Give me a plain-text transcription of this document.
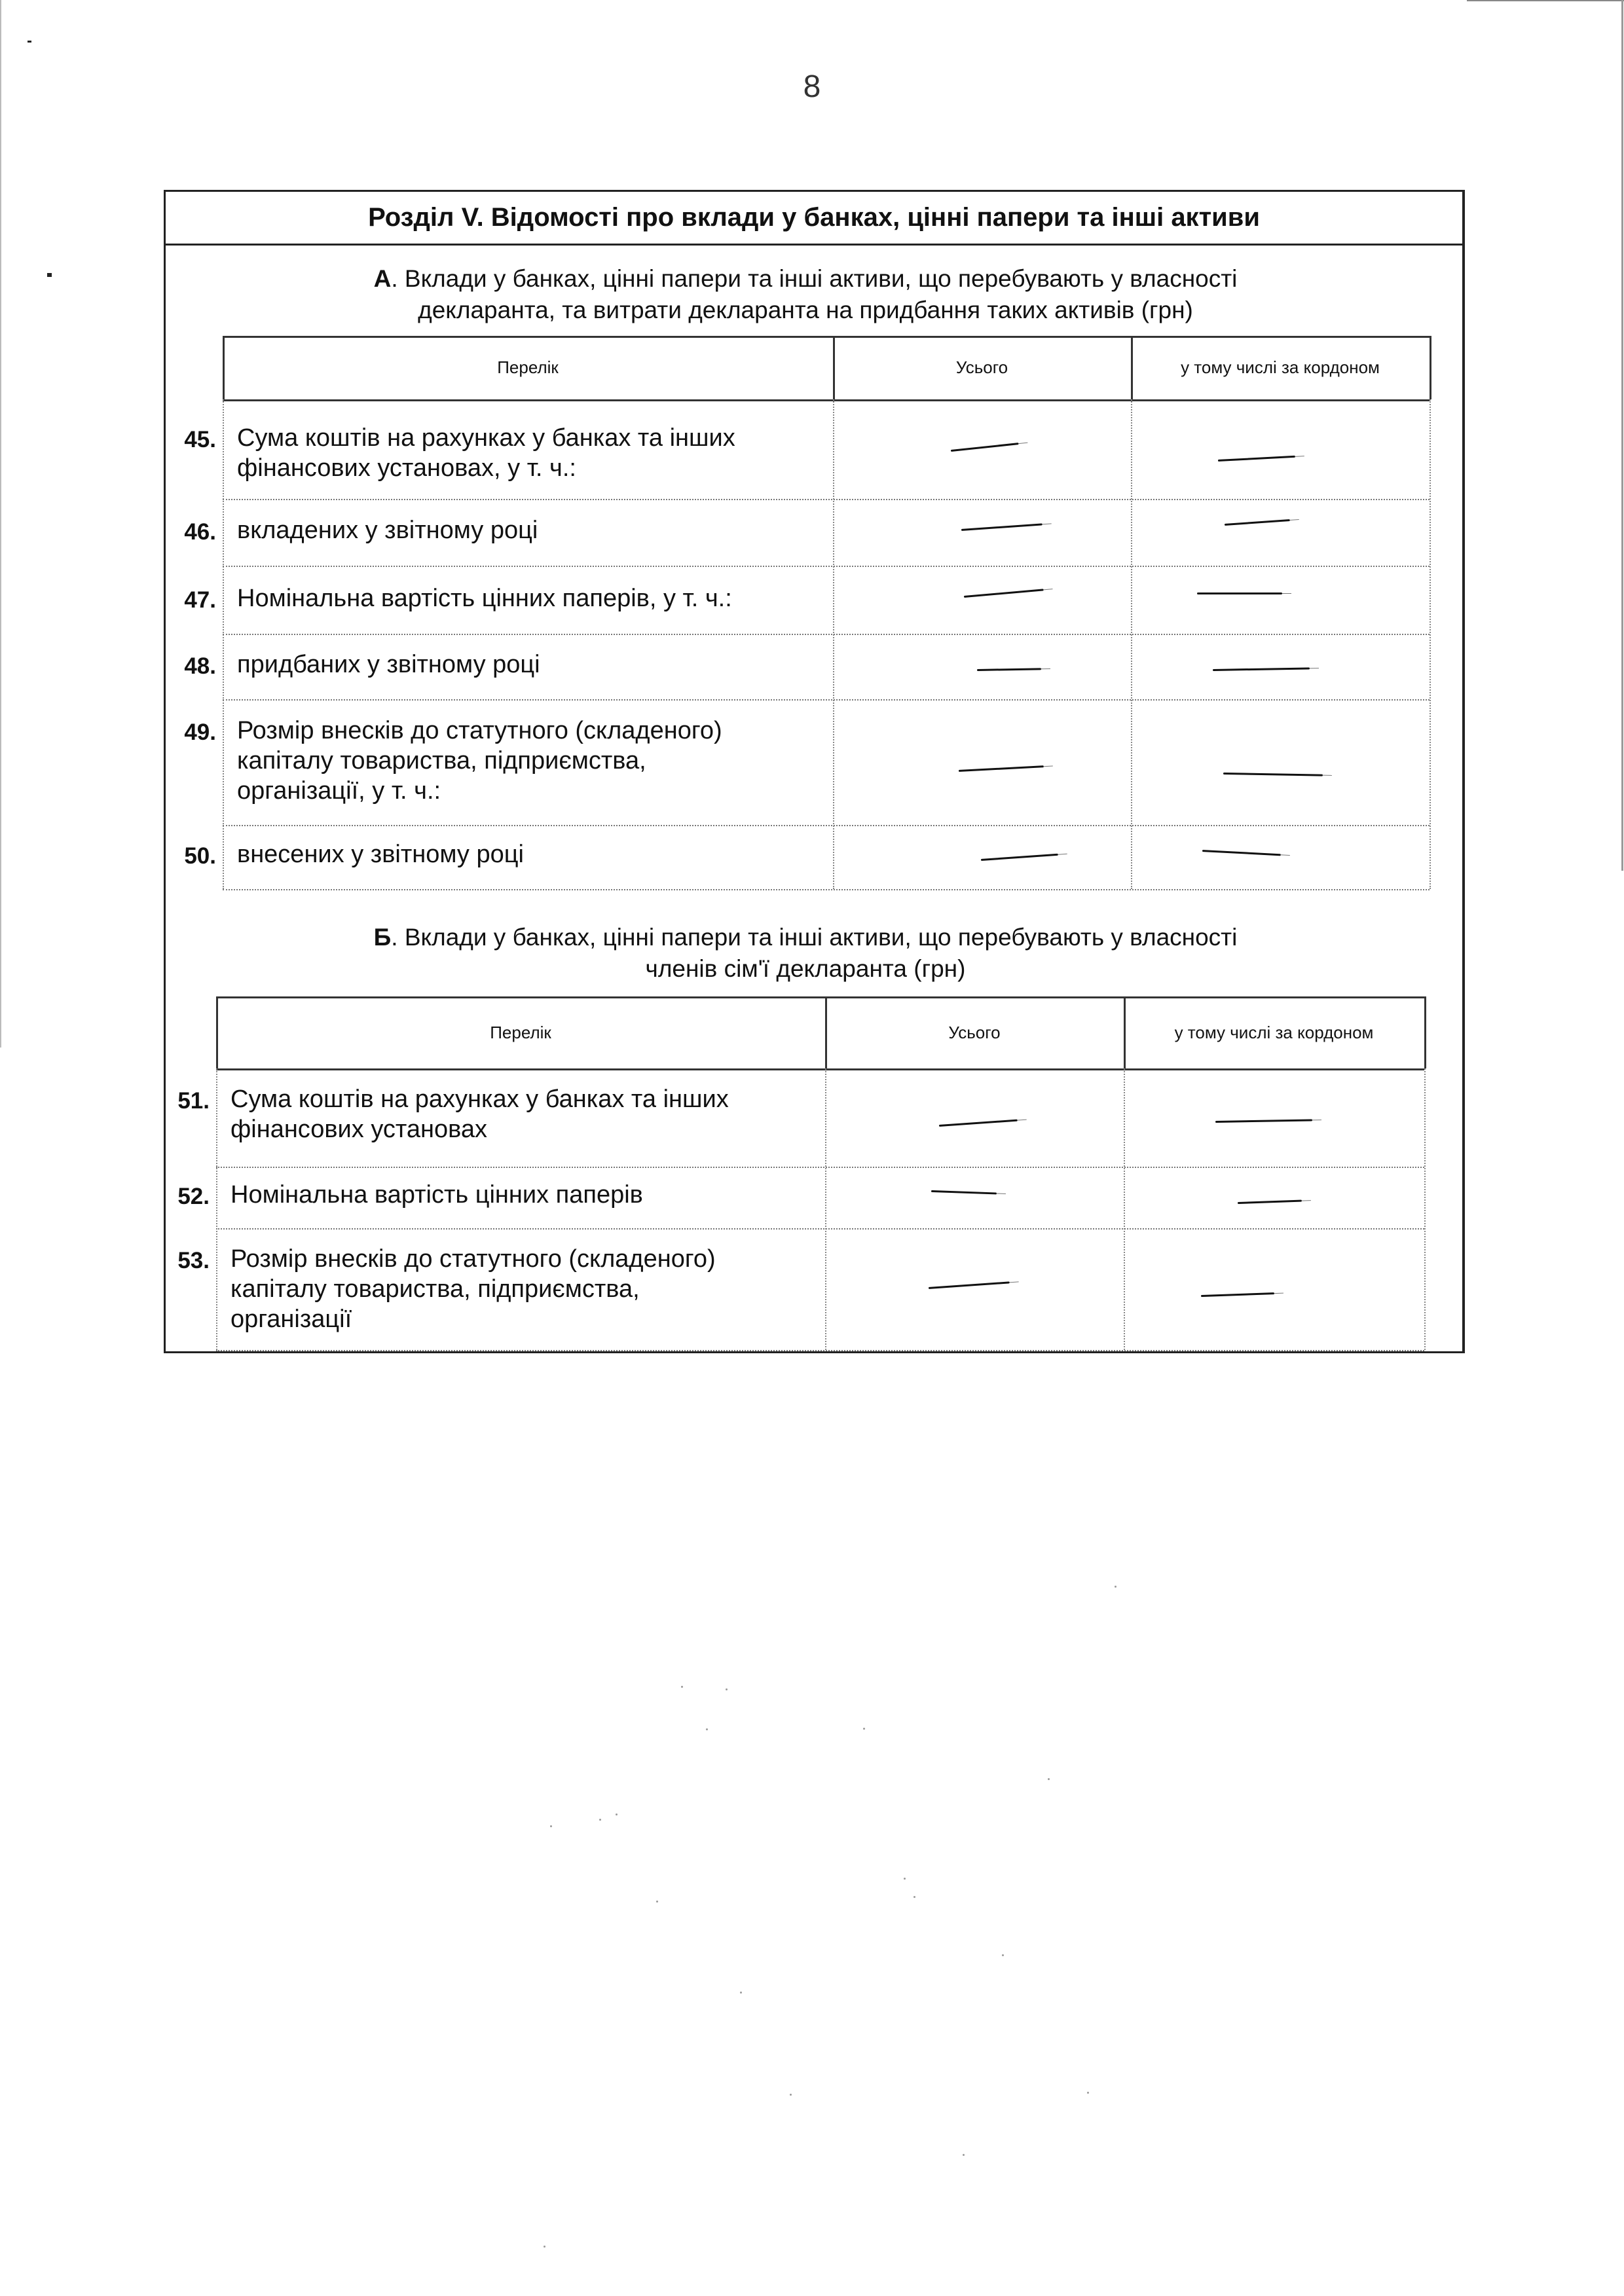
8
Розділ V. Відомості про вклади у банках, цінні папери та інші активи
А. Вклади у банках, цінні папери та інші активи, що перебувають у власності
декларанта, та витрати декларанта на придбання таких активів (грн)
Перелік	Усього	у тому числі за кордоном
45. Сума коштів на рахунках у банках та інших
фінансових установах, у т. ч.:
46. вкладених у звітному році
47. Номінальна вартість цінних паперів, у т. ч.:
48. придбаних у звітному році
49. Розмір внесків до статутного (складеного)
капіталу товариства, підприємства,
організації, у т. ч.:
50. внесених у звітному році
Б. Вклади у банках, цінні папери та інші активи, що перебувають у власності
членів сім'ї декларанта (грн)
Перелік	Усього	у тому числі за кордоном
51. Сума коштів на рахунках у банках та інших
фінансових установах
52. Номінальна вартість цінних паперів
53. Розмір внесків до статутного (складеного)
капіталу товариства, підприємства,
організації
